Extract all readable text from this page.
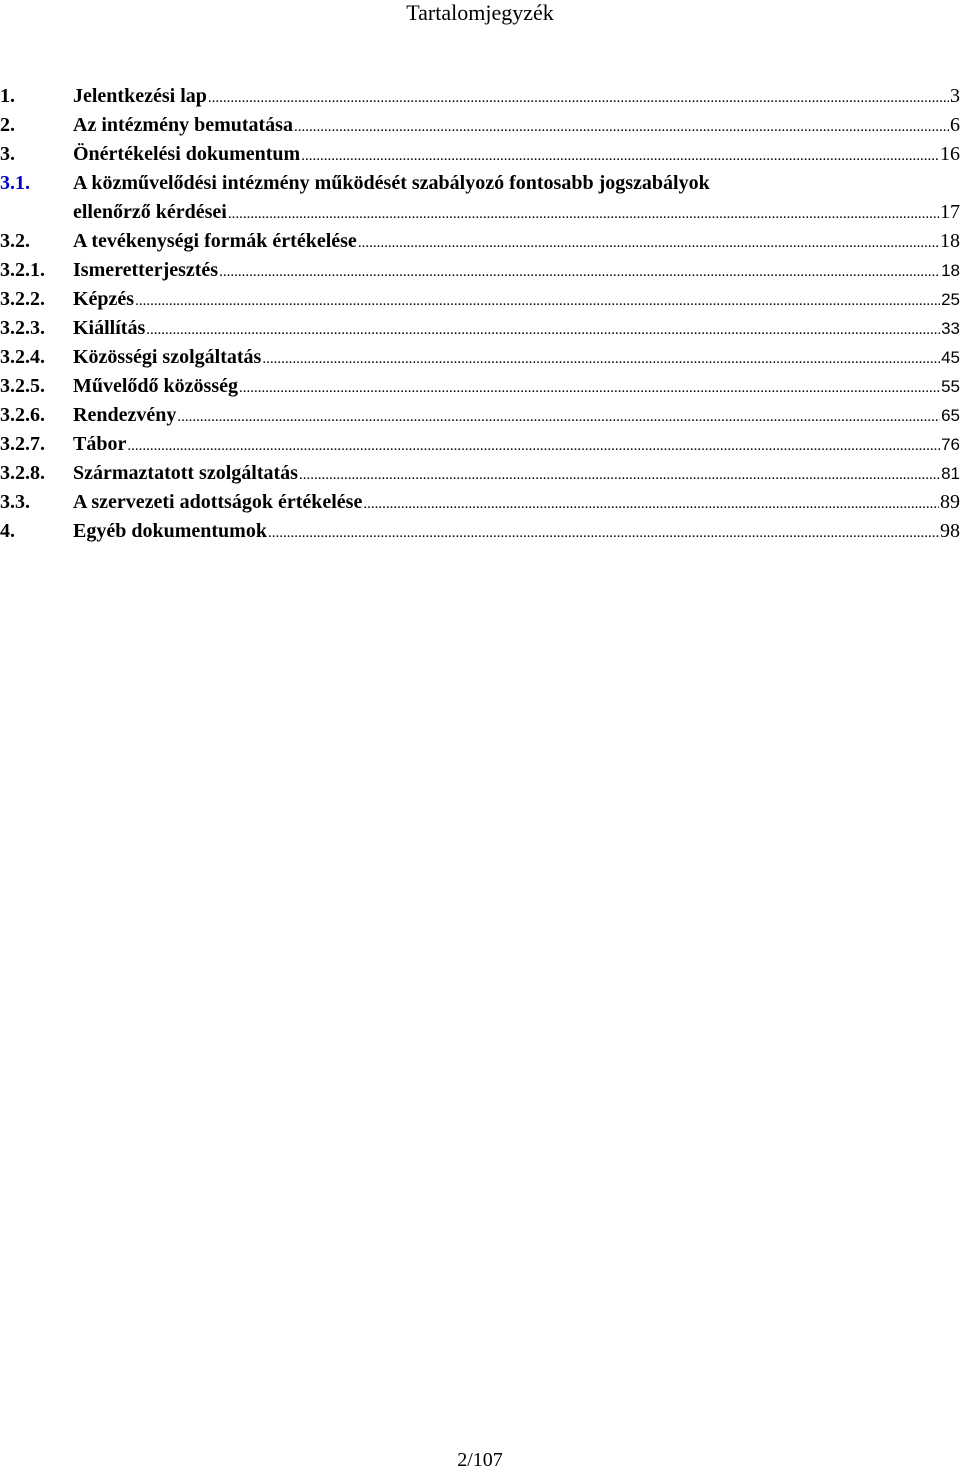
Tartalomjegyzék
1.	Jelentkezési lap .....	3
2.	Az intézmény bemutatása .....	6
3.	Önértékelési dokumentum .....	16
3.1. A közművelődési intézmény működését szabályozó fontosabb jogszabályok
ellenőrző kérdései .....	17
3.2. A tevékenységi formák értékelése .....	18
3.2.1. Ismeretterjesztés .....	18
3.2.2. Képzés .....	25
3.2.3. Kiállítás .....	33
3.2.4. Közösségi szolgáltatás .....	45
3.2.5. Művelődő közösség .....	55
3.2.6. Rendezvény .....	65
3.2.7. Tábor .....	76
3.2.8. Származtatott szolgáltatás .....	81
3.3. A szervezeti adottságok értékelése .....	89
4.	Egyéb dokumentumok .....	98
2/107
